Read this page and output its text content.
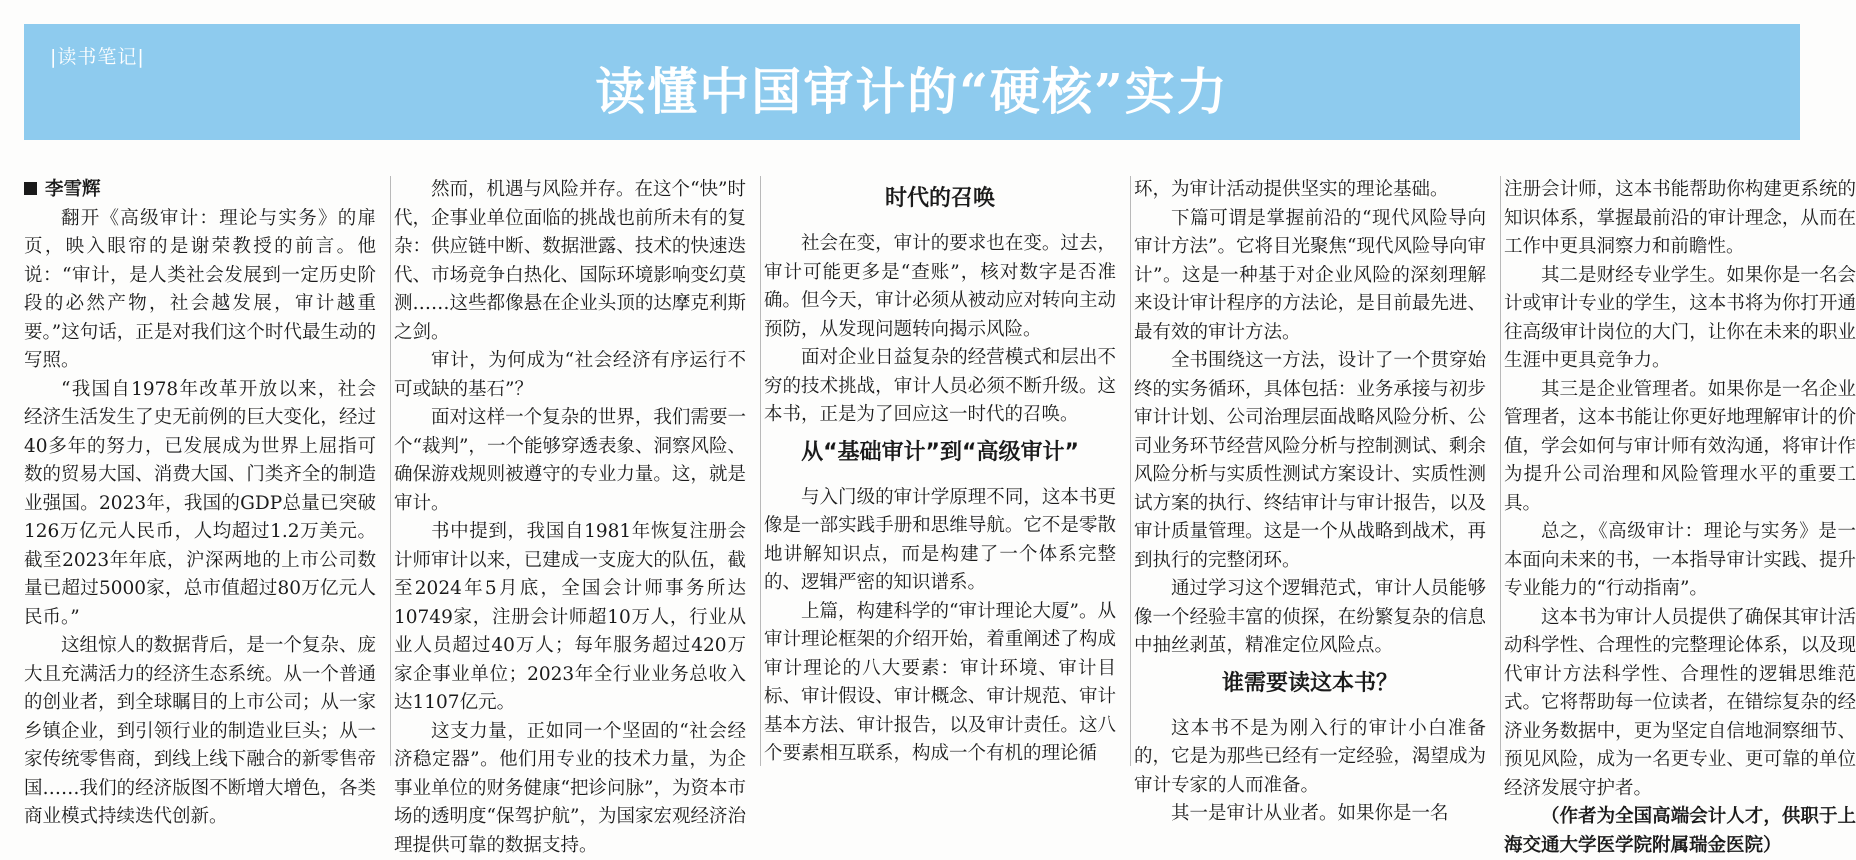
|读书笔记|
读懂中国审计的“硬核”实力

李雪辉

翻开《高级审计：理论与实务》的扉页，映入眼帘的是谢荣教授的前言。他说：“审计，是人类社会发展到一定历史阶段的必然产物，社会越发展，审计越重要。”这句话，正是对我们这个时代最生动的写照。

“我国自1978年改革开放以来，社会经济生活发生了史无前例的巨大变化，经过40多年的努力，已发展成为世界上屈指可数的贸易大国、消费大国、门类齐全的制造业强国。2023年，我国的GDP总量已突破126万亿元人民币，人均超过1.2万美元。截至2023年年底，沪深两地的上市公司数量已超过5000家，总市值超过80万亿元人民币。”

这组惊人的数据背后，是一个复杂、庞大且充满活力的经济生态系统。从一个普通的创业者，到全球瞩目的上市公司；从一家乡镇企业，到引领行业的制造业巨头；从一家传统零售商，到线上线下融合的新零售帝国……我们的经济版图不断增大增色，各类商业模式持续迭代创新。

然而，机遇与风险并存。在这个“快”时代，企事业单位面临的挑战也前所未有的复杂：供应链中断、数据泄露、技术的快速迭代、市场竞争白热化、国际环境影响变幻莫测……这些都像悬在企业头顶的达摩克利斯之剑。

审计，为何成为“社会经济有序运行不可或缺的基石”？

面对这样一个复杂的世界，我们需要一个“裁判”，一个能够穿透表象、洞察风险、确保游戏规则被遵守的专业力量。这，就是审计。

书中提到，我国自1981年恢复注册会计师审计以来，已建成一支庞大的队伍，截至2024年5月底，全国会计师事务所达10749家，注册会计师超10万人，行业从业人员超过40万人；每年服务超过420万家企事业单位；2023年全行业业务总收入达1107亿元。

这支力量，正如同一个坚固的“社会经济稳定器”。他们用专业的技术力量，为企事业单位的财务健康“把诊问脉”，为资本市场的透明度“保驾护航”，为国家宏观经济治理提供可靠的数据支持。

时代的召唤

社会在变，审计的要求也在变。过去，审计可能更多是“查账”，核对数字是否准确。但今天，审计必须从被动应对转向主动预防，从发现问题转向揭示风险。

面对企业日益复杂的经营模式和层出不穷的技术挑战，审计人员必须不断升级。这本书，正是为了回应这一时代的召唤。

从“基础审计”到“高级审计”

与入门级的审计学原理不同，这本书更像是一部实践手册和思维导航。它不是零散地讲解知识点，而是构建了一个体系完整的、逻辑严密的知识谱系。

上篇，构建科学的“审计理论大厦”。从审计理论框架的介绍开始，着重阐述了构成审计理论的八大要素：审计环境、审计目标、审计假设、审计概念、审计规范、审计基本方法、审计报告，以及审计责任。这八个要素相互联系，构成一个有机的理论循

环，为审计活动提供坚实的理论基础。

下篇可谓是掌握前沿的“现代风险导向审计方法”。它将目光聚焦“现代风险导向审计”。这是一种基于对企业风险的深刻理解来设计审计程序的方法论，是目前最先进、最有效的审计方法。

全书围绕这一方法，设计了一个贯穿始终的实务循环，具体包括：业务承接与初步审计计划、公司治理层面战略风险分析、公司业务环节经营风险分析与控制测试、剩余风险分析与实质性测试方案设计、实质性测试方案的执行、终结审计与审计报告，以及审计质量管理。这是一个从战略到战术，再到执行的完整闭环。

通过学习这个逻辑范式，审计人员能够像一个经验丰富的侦探，在纷繁复杂的信息中抽丝剥茧，精准定位风险点。

谁需要读这本书？

这本书不是为刚入行的审计小白准备的，它是为那些已经有一定经验，渴望成为审计专家的人而准备。

其一是审计从业者。如果你是一名

注册会计师，这本书能帮助你构建更系统的知识体系，掌握最前沿的审计理念，从而在工作中更具洞察力和前瞻性。

其二是财经专业学生。如果你是一名会计或审计专业的学生，这本书将为你打开通往高级审计岗位的大门，让你在未来的职业生涯中更具竞争力。

其三是企业管理者。如果你是一名企业管理者，这本书能让你更好地理解审计的价值，学会如何与审计师有效沟通，将审计作为提升公司治理和风险管理水平的重要工具。

总之，《高级审计：理论与实务》是一本面向未来的书，一本指导审计实践、提升专业能力的“行动指南”。

这本书为审计人员提供了确保其审计活动科学性、合理性的完整理论体系，以及现代审计方法科学性、合理性的逻辑思维范式。它将帮助每一位读者，在错综复杂的经济业务数据中，更为坚定自信地洞察细节、预见风险，成为一名更专业、更可靠的单位经济发展守护者。

（作者为全国高端会计人才，供职于上海交通大学医学院附属瑞金医院）
